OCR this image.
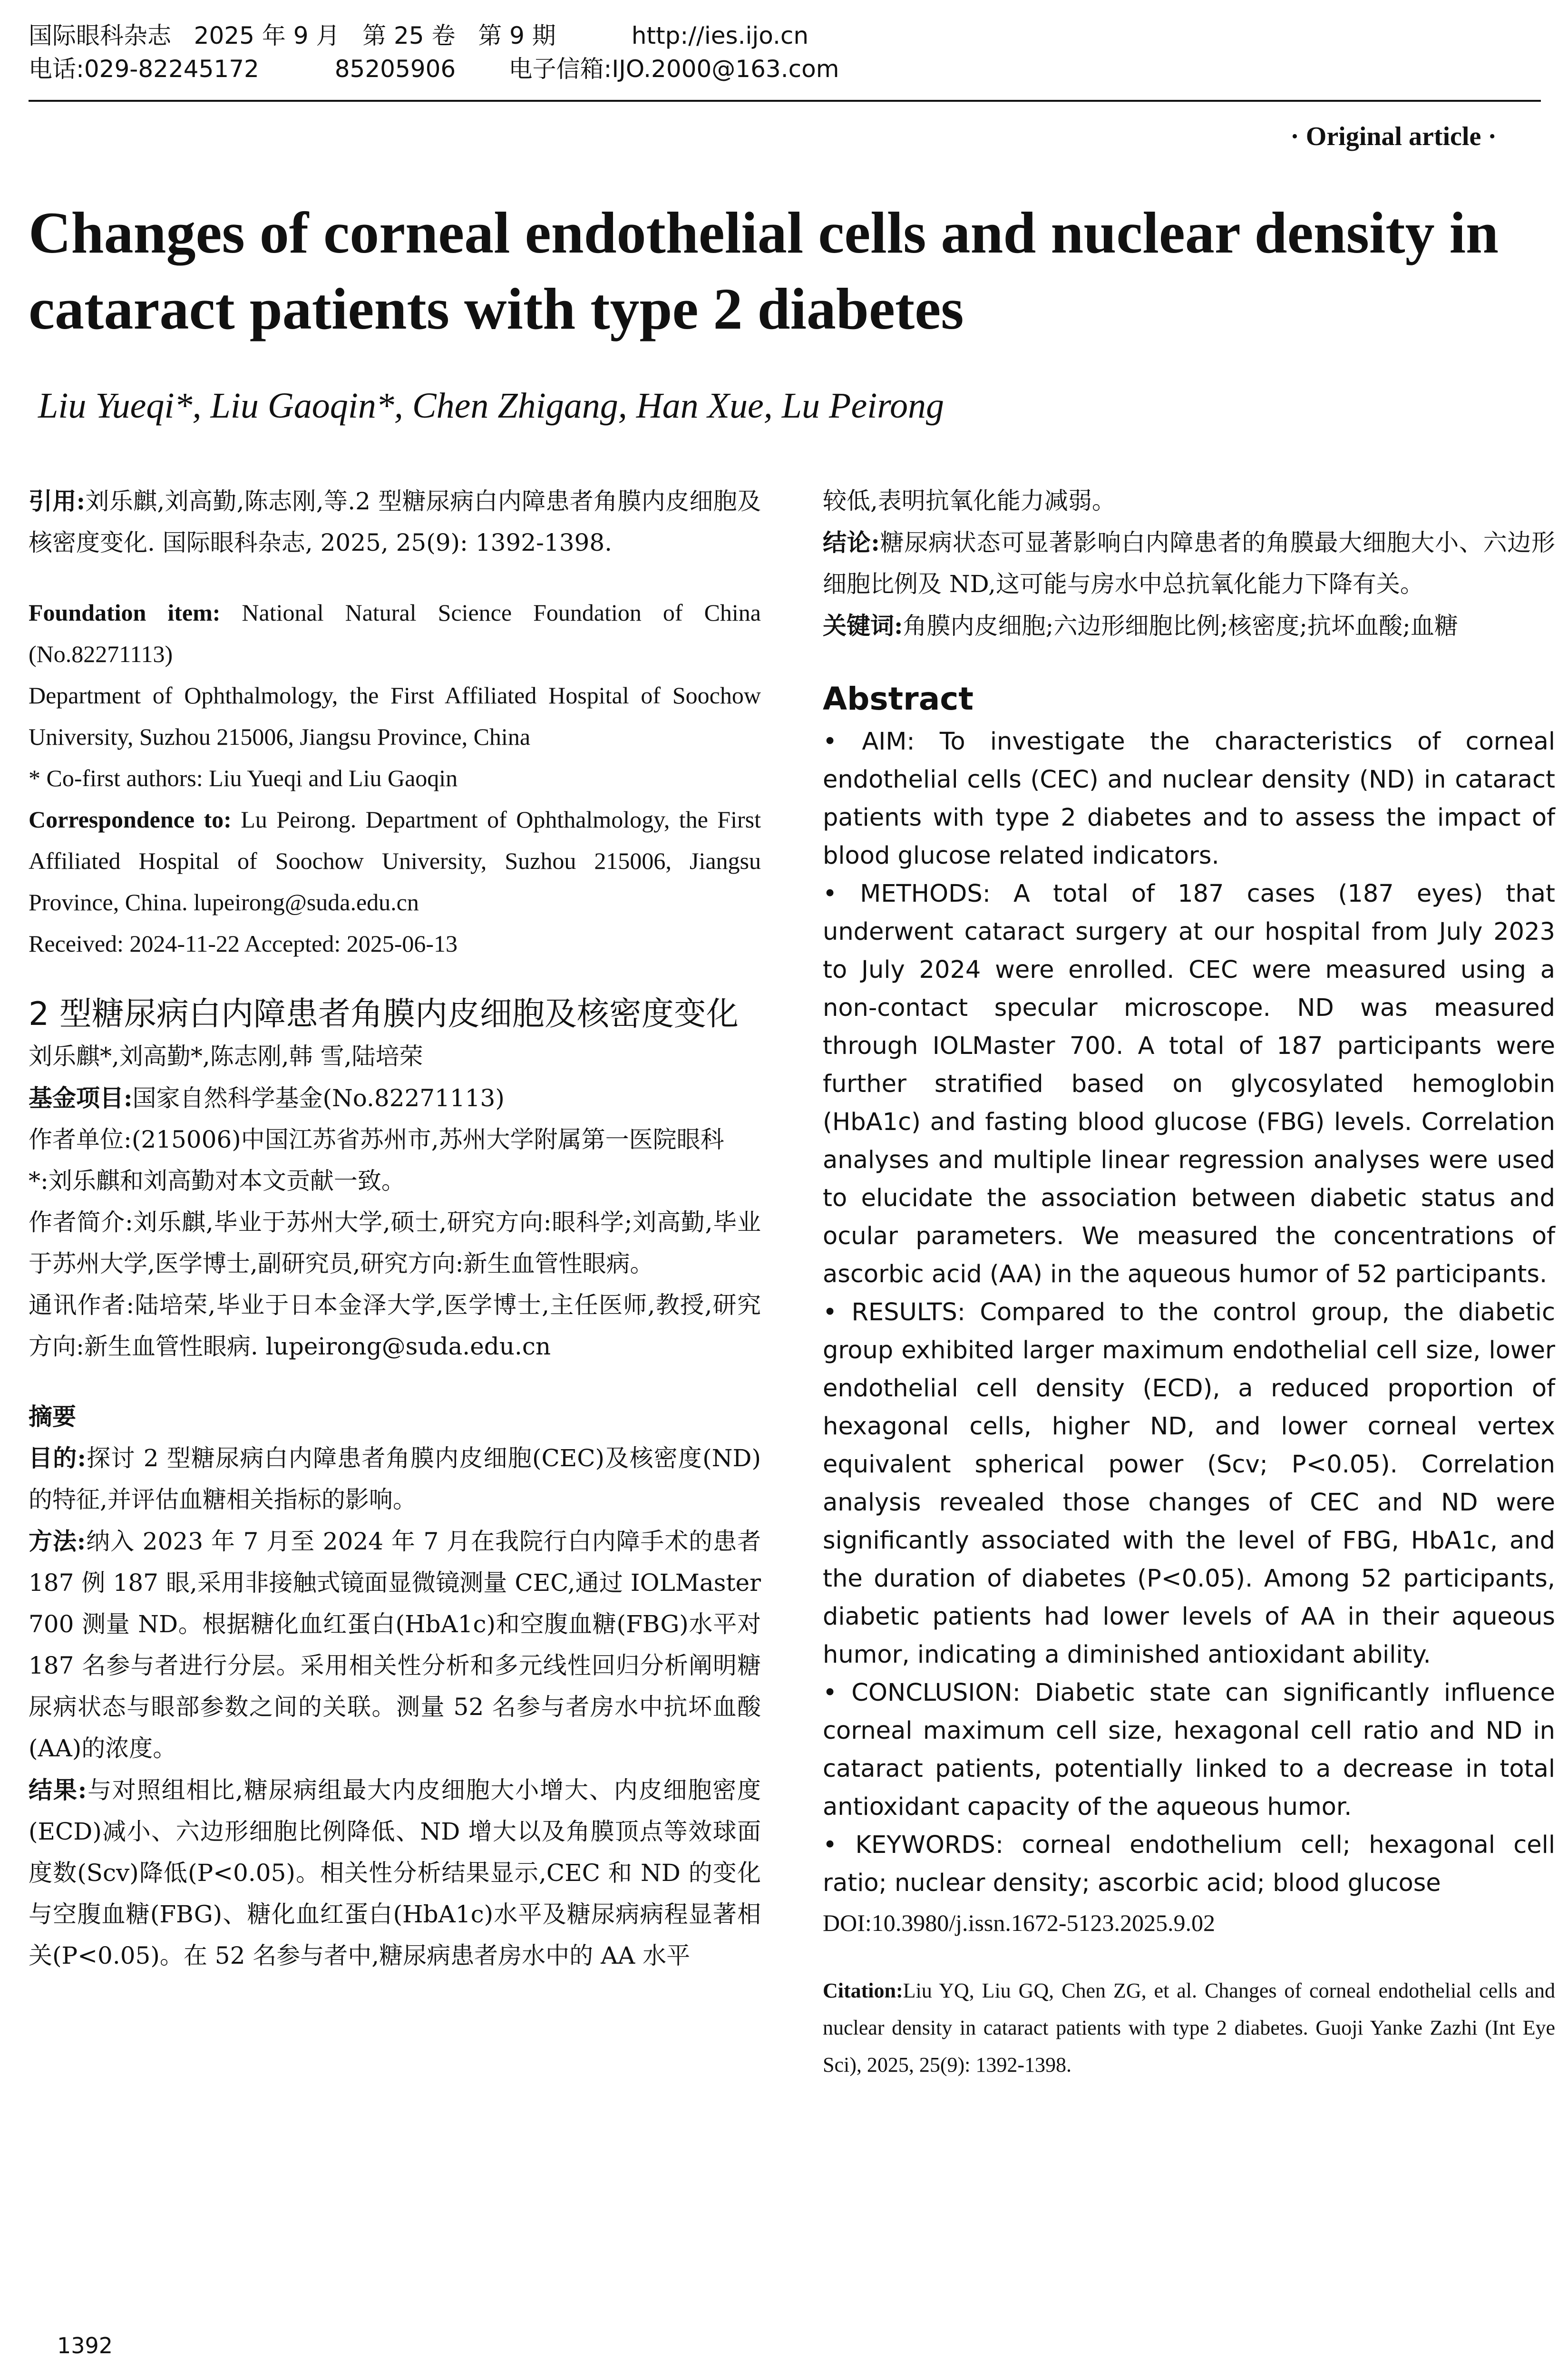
国际眼科杂志   2025 年 9 月   第 25 卷   第 9 期          http://ies.ijo.cn
电话:029-82245172          85205906       电子信箱:IJO.2000@163.com
· Original article ·
Changes of corneal endothelial cells and nuclear density in cataract patients with type 2 diabetes
Liu Yueqi*, Liu Gaoqin*, Chen Zhigang, Han Xue, Lu Peirong

引用:刘乐麒,刘高勤,陈志刚,等.2 型糖尿病白内障患者角膜内皮细胞及核密度变化. 国际眼科杂志, 2025, 25(9): 1392-1398.

Foundation item: National Natural Science Foundation of China (No.82271113)

Department of Ophthalmology, the First Affiliated Hospital of Soochow University, Suzhou 215006, Jiangsu Province, China

* Co-first authors: Liu Yueqi and Liu Gaoqin

Correspondence to: Lu Peirong. Department of Ophthalmology, the First Affiliated Hospital of Soochow University, Suzhou 215006, Jiangsu Province, China. lupeirong@suda.edu.cn

Received: 2024-11-22 Accepted: 2025-06-13

2 型糖尿病白内障患者角膜内皮细胞及核密度变化

刘乐麒*,刘高勤*,陈志刚,韩 雪,陆培荣

基金项目:国家自然科学基金(No.82271113)

作者单位:(215006)中国江苏省苏州市,苏州大学附属第一医院眼科

*:刘乐麒和刘高勤对本文贡献一致。

作者简介:刘乐麒,毕业于苏州大学,硕士,研究方向:眼科学;刘高勤,毕业于苏州大学,医学博士,副研究员,研究方向:新生血管性眼病。

通讯作者:陆培荣,毕业于日本金泽大学,医学博士,主任医师,教授,研究方向:新生血管性眼病. lupeirong@suda.edu.cn

摘要

目的:探讨 2 型糖尿病白内障患者角膜内皮细胞(CEC)及核密度(ND)的特征,并评估血糖相关指标的影响。

方法:纳入 2023 年 7 月至 2024 年 7 月在我院行白内障手术的患者 187 例 187 眼,采用非接触式镜面显微镜测量 CEC,通过 IOLMaster 700 测量 ND。根据糖化血红蛋白(HbA1c)和空腹血糖(FBG)水平对 187 名参与者进行分层。采用相关性分析和多元线性回归分析阐明糖尿病状态与眼部参数之间的关联。测量 52 名参与者房水中抗坏血酸(AA)的浓度。

结果:与对照组相比,糖尿病组最大内皮细胞大小增大、内皮细胞密度(ECD)减小、六边形细胞比例降低、ND 增大以及角膜顶点等效球面度数(Scv)降低(P<0.05)。相关性分析结果显示,CEC 和 ND 的变化与空腹血糖(FBG)、糖化血红蛋白(HbA1c)水平及糖尿病病程显著相关(P<0.05)。在 52 名参与者中,糖尿病患者房水中的 AA 水平

较低,表明抗氧化能力减弱。

结论:糖尿病状态可显著影响白内障患者的角膜最大细胞大小、六边形细胞比例及 ND,这可能与房水中总抗氧化能力下降有关。

关键词:角膜内皮细胞;六边形细胞比例;核密度;抗坏血酸;血糖

Abstract

• AIM: To investigate the characteristics of corneal endothelial cells (CEC) and nuclear density (ND) in cataract patients with type 2 diabetes and to assess the impact of blood glucose related indicators.

• METHODS: A total of 187 cases (187 eyes) that underwent cataract surgery at our hospital from July 2023 to July 2024 were enrolled. CEC were measured using a non-contact specular microscope. ND was measured through IOLMaster 700. A total of 187 participants were further stratified based on glycosylated hemoglobin (HbA1c) and fasting blood glucose (FBG) levels. Correlation analyses and multiple linear regression analyses were used to elucidate the association between diabetic status and ocular parameters. We measured the concentrations of ascorbic acid (AA) in the aqueous humor of 52 participants.

• RESULTS: Compared to the control group, the diabetic group exhibited larger maximum endothelial cell size, lower endothelial cell density (ECD), a reduced proportion of hexagonal cells, higher ND, and lower corneal vertex equivalent spherical power (Scv; P<0.05). Correlation analysis revealed those changes of CEC and ND were significantly associated with the level of FBG, HbA1c, and the duration of diabetes (P<0.05). Among 52 participants, diabetic patients had lower levels of AA in their aqueous humor, indicating a diminished antioxidant ability.

• CONCLUSION: Diabetic state can significantly influence corneal maximum cell size, hexagonal cell ratio and ND in cataract patients, potentially linked to a decrease in total antioxidant capacity of the aqueous humor.

• KEYWORDS: corneal endothelium cell; hexagonal cell ratio; nuclear density; ascorbic acid; blood glucose

DOI:10.3980/j.issn.1672-5123.2025.9.02

Citation:Liu YQ, Liu GQ, Chen ZG, et al. Changes of corneal endothelial cells and nuclear density in cataract patients with type 2 diabetes. Guoji Yanke Zazhi (Int Eye Sci), 2025, 25(9): 1392-1398.

1392
